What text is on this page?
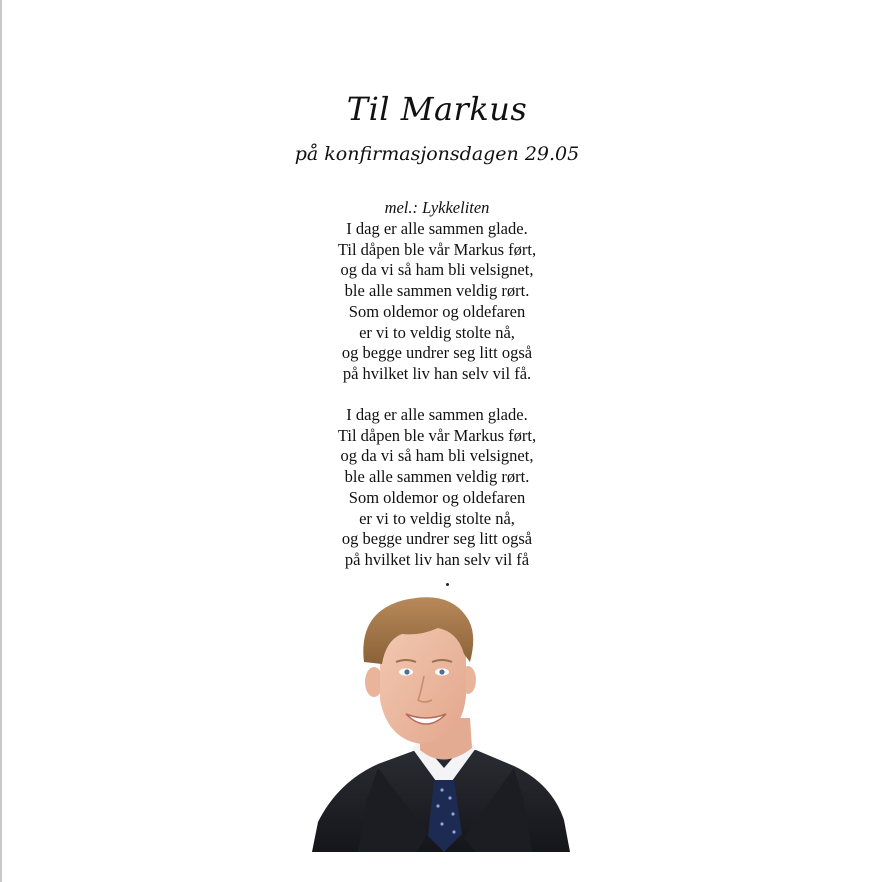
Til Markus
på konfirmasjonsdagen 29.05
mel.: Lykkeliten
I dag er alle sammen glade.
Til dåpen ble vår Markus ført,
og da vi så ham bli velsignet,
ble alle sammen veldig rørt.
Som oldemor og oldefaren
er vi to veldig stolte nå,
og begge undrer seg litt også
på hvilket liv han selv vil få.
I dag er alle sammen glade.
Til dåpen ble vår Markus ført,
og da vi så ham bli velsignet,
ble alle sammen veldig rørt.
Som oldemor og oldefaren
er vi to veldig stolte nå,
og begge undrer seg litt også
på hvilket liv han selv vil få
